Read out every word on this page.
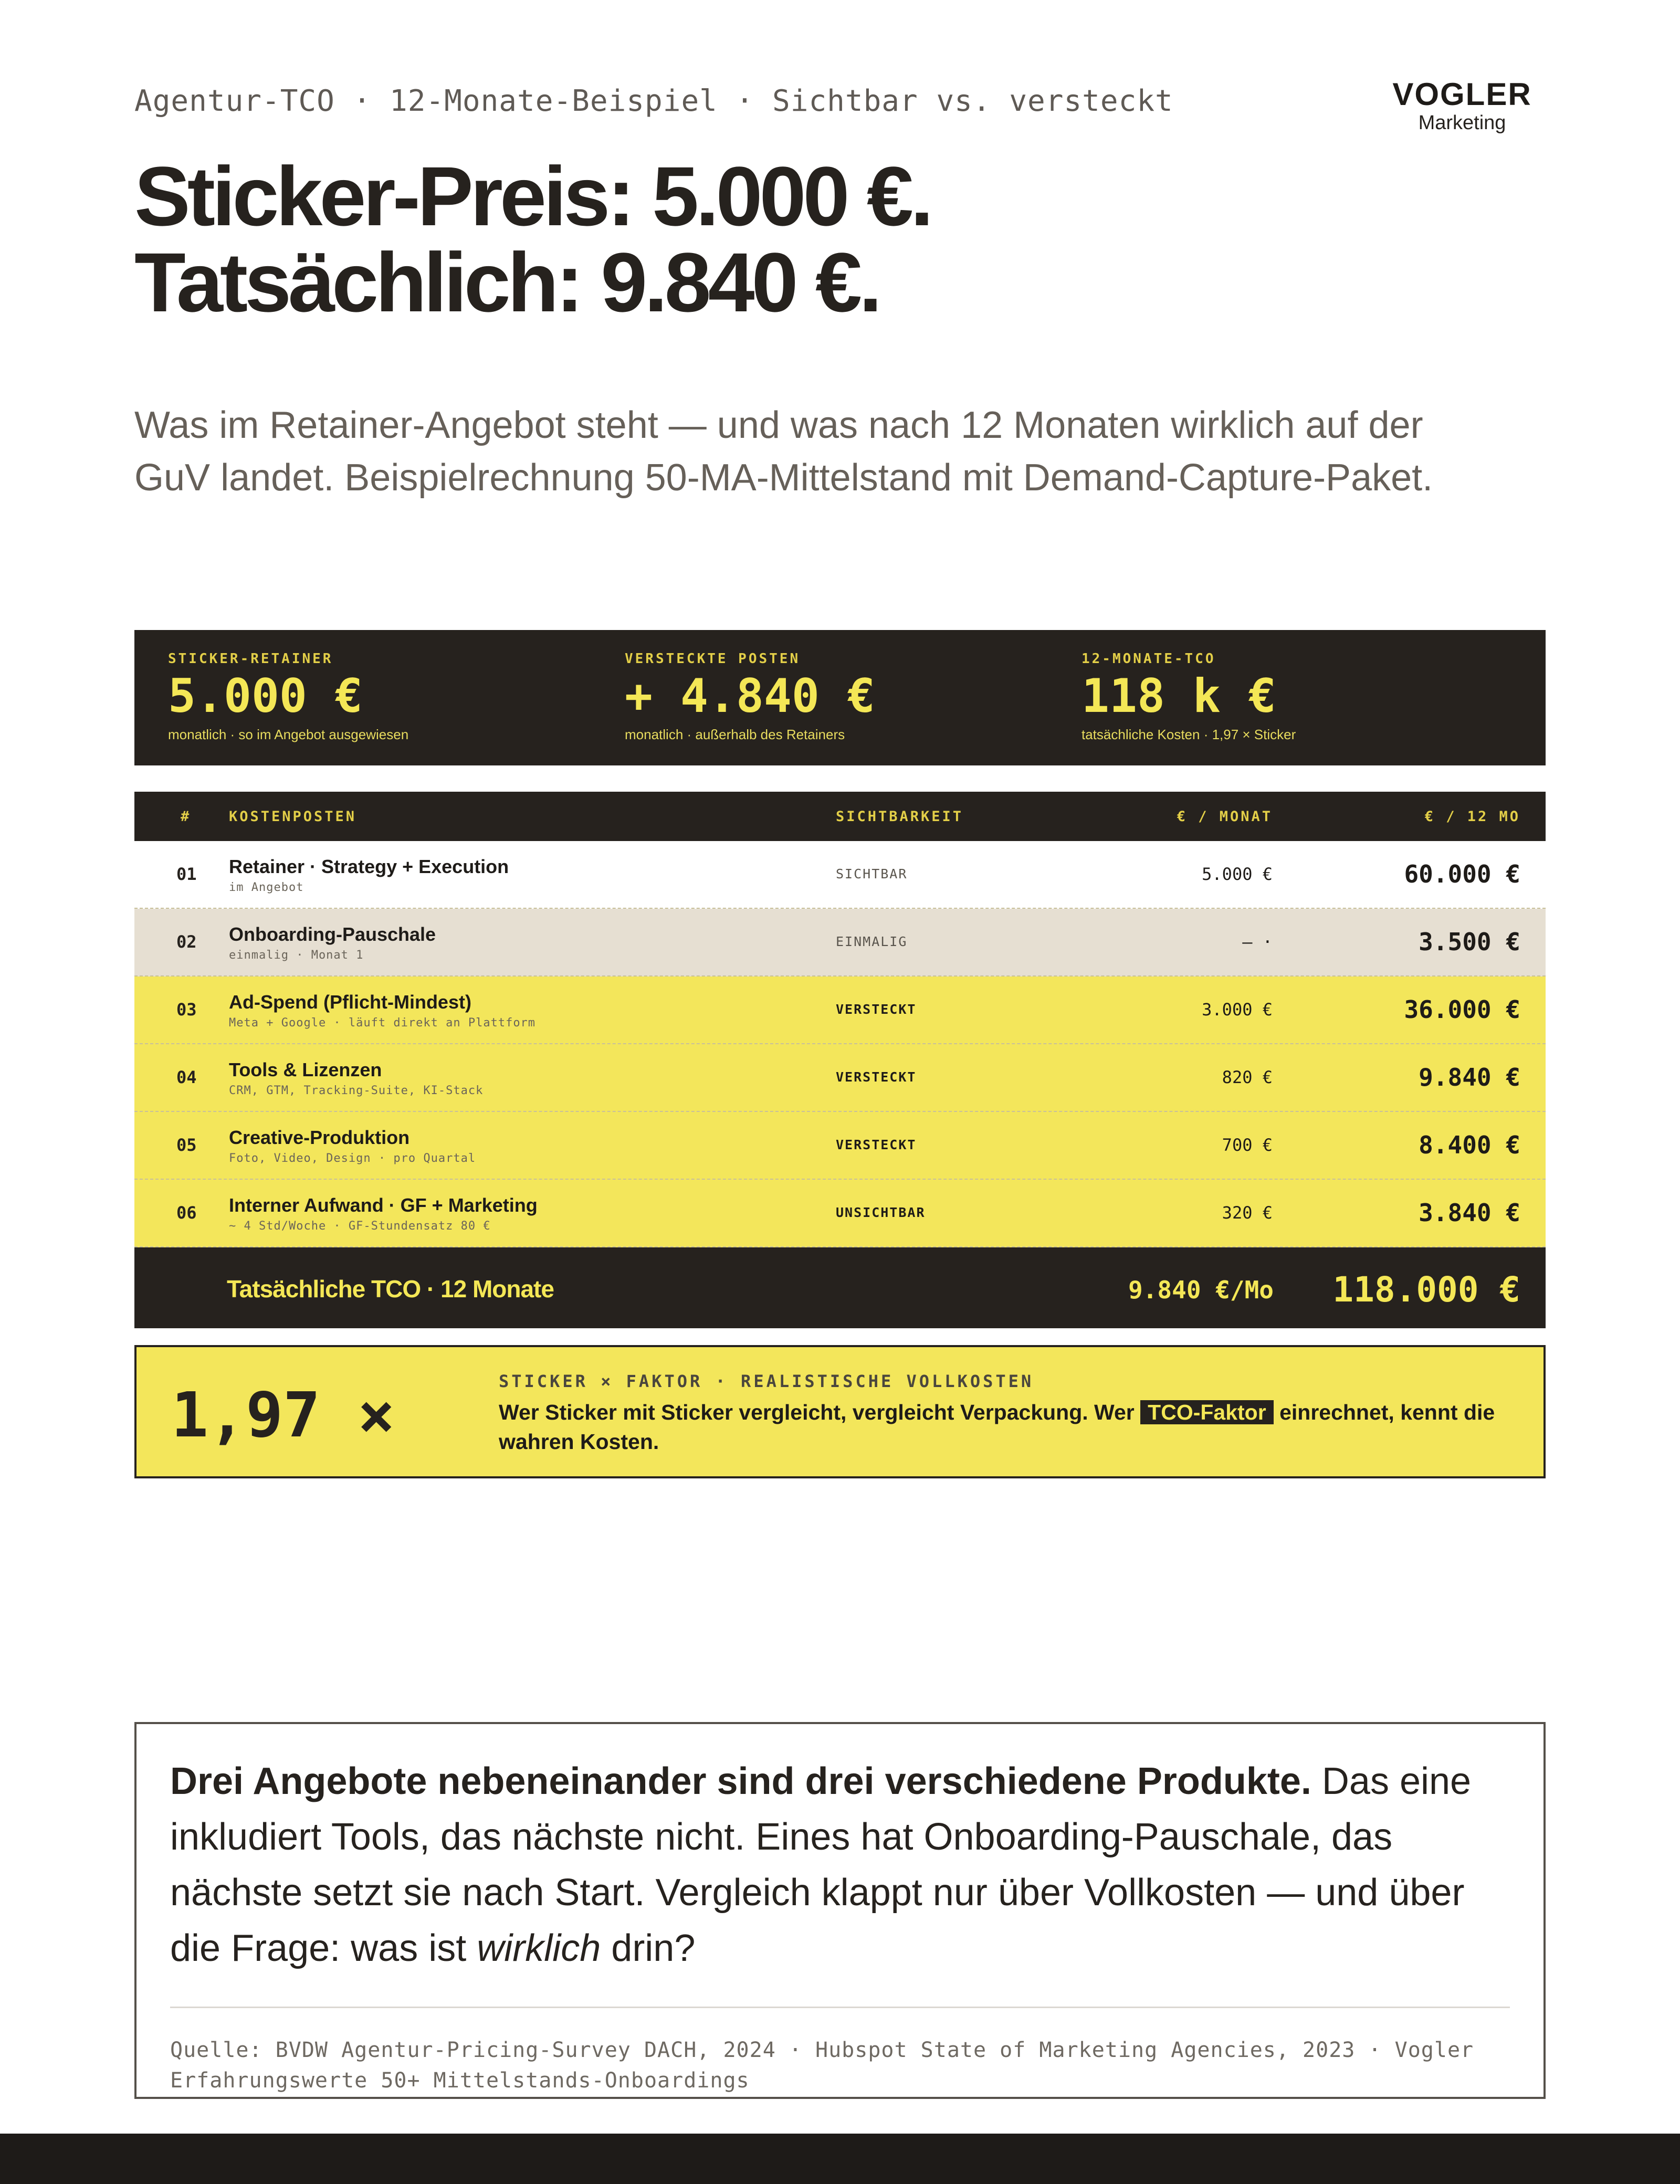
Agentur-TCO · 12-Monate-Beispiel · Sichtbar vs. versteckt	VOGLER
Marketing
Sticker-Preis: 5.000 €.
Tatsächlich: 9.840 €.
Was im Retainer-Angebot steht — und was nach 12 Monaten wirklich auf der GuV landet. Beispielrechnung 50-MA-Mittelstand mit Demand-Capture-Paket.
STICKER-RETAINER
5.000 €
monatlich · so im Angebot ausgewiesen
VERSTECKTE POSTEN
+ 4.840 €
monatlich · außerhalb des Retainers
12-MONATE-TCO
118 k €
tatsächliche Kosten · 1,97 × Sticker
#	KOSTENPOSTEN	SICHTBARKEIT	€ / MONAT	€ / 12 MO
01 Retainer · Strategy + Execution
im Angebot
SICHTBAR	5.000 €	60.000 €
02 Onboarding-Pauschale
einmalig · Monat 1
EINMALIG	— ·	3.500 €
03 Ad-Spend (Pflicht-Mindest)
Meta + Google · läuft direkt an Plattform
VERSTECKT	3.000 €	36.000 €
04 Tools & Lizenzen
CRM, GTM, Tracking-Suite, KI-Stack
VERSTECKT	820 €	9.840 €
05 Creative-Produktion
Foto, Video, Design · pro Quartal
VERSTECKT	700 €	8.400 €
06 Interner Aufwand · GF + Marketing
~ 4 Std/Woche · GF-Stundensatz 80 €
UNSICHTBAR	320 €	3.840 €
Tatsächliche TCO · 12 Monate	9.840 €/Mo 118.000 €
1,97 ×	STICKER × FAKTOR · REALISTISCHE VOLLKOSTEN
Wer Sticker mit Sticker vergleicht, vergleicht Verpackung. Wer TCO-Faktor einrechnet, kennt die wahren Kosten.
Drei Angebote nebeneinander sind drei verschiedene Produkte. Das eine inkludiert Tools, das nächste nicht. Eines hat Onboarding-Pauschale, das nächste setzt sie nach Start. Vergleich klappt nur über Vollkosten — und über die Frage: was ist wirklich drin?
Quelle: BVDW Agentur-Pricing-Survey DACH, 2024 · Hubspot State of Marketing Agencies, 2023 · Vogler Erfahrungswerte 50+ Mittelstands-Onboardings
